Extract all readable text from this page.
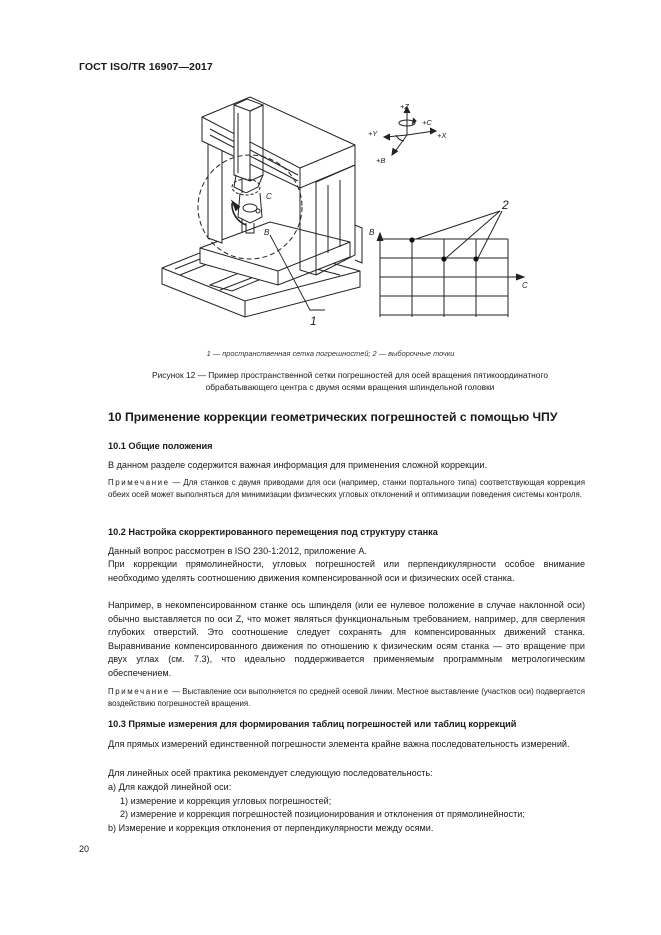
ГОСТ ISO/TR 16907—2017
C
B
1
+Z
+C
+Y	+X
+B
2
B
C
1 — пространственная сетка погрешностей; 2 — выборочные точки
Рисунок 12 — Пример пространственной сетки погрешностей для осей вращения пятикоординатного
обрабатывающего центра с двумя осями вращения шпиндельной головки
10 Применение коррекции геометрических погрешностей с помощью ЧПУ
10.1 Общие положения
В данном разделе содержится важная информация для применения сложной коррекции.
Примечание — Для станков с двумя приводами для оси (например, станки портального типа) соответствующая коррекция обеих осей может выполняться для минимизации физических угловых отклонений и оптимизации поведения системы контроля.
10.2 Настройка скорректированного перемещения под структуру станка
Данный вопрос рассмотрен в ISO 230-1:2012, приложение А.
При коррекции прямолинейности, угловых погрешностей или перпендикулярности особое внимание необходимо уделять соотношению движения компенсированной оси и физических осей станка.
Например, в некомпенсированном станке ось шпинделя (или ее нулевое положение в случае наклонной оси) обычно выставляется по оси Z, что может являться функциональным требованием, например, для сверления глубоких отверстий. Это соотношение следует сохранять для компенсированных движений станка. Выравнивание компенсированного движения по отношению к физическим осям станка — это вращение при двух углах (см. 7.3), что идеально поддерживается применяемым программным метрологическим обеспечением.
Примечание — Выставление оси выполняется по средней осевой линии. Местное выставление (участков оси) подвергается воздействию погрешностей вращения.
10.3 Прямые измерения для формирования таблиц погрешностей или таблиц коррекций
Для прямых измерений единственной погрешности элемента крайне важна последовательность измерений.
Для линейных осей практика рекомендует следующую последовательность:
а) Для каждой линейной оси:
1) измерение и коррекция угловых погрешностей;
2) измерение и коррекция погрешностей позиционирования и отклонения от прямолинейности;
b) Измерение и коррекция отклонения от перпендикулярности между осями.
20
